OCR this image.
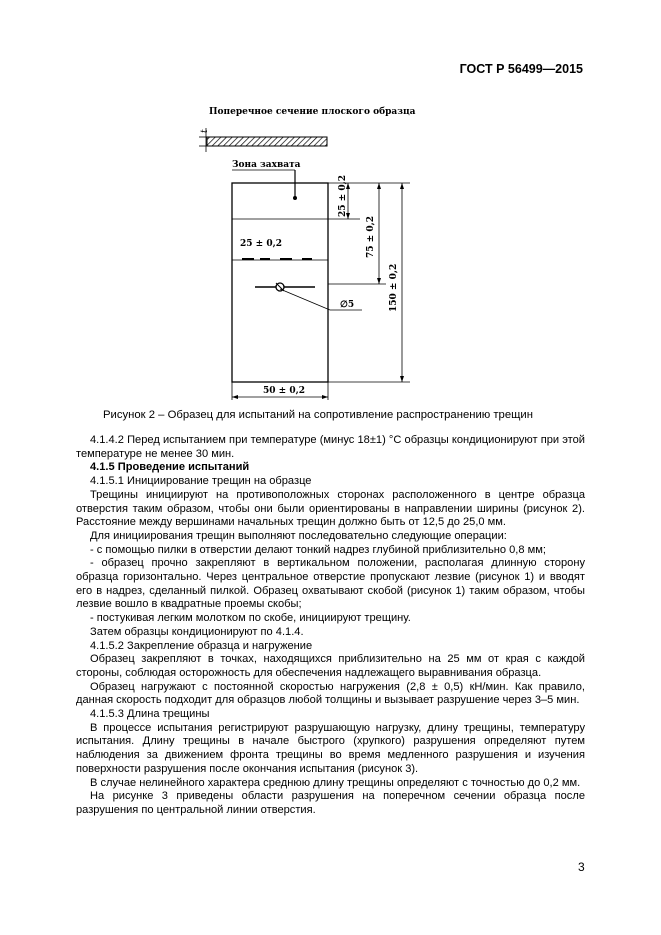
ГОСТ Р 56499—2015
Поперечное сечение плоского образца
t
Зона захвата
25 ± 0,2
∅5
25 ± 0,2
75 ± 0,2
150 ± 0,2
50 ± 0,2
Рисунок 2 – Образец для испытаний на сопротивление распространению трещин

4.1.4.2 Перед испытанием при температуре (минус 18±1) °С образцы кондиционируют при этой температуре не менее 30 мин.

4.1.5 Проведение испытаний

4.1.5.1 Инициирование трещин на образце

Трещины инициируют на противоположных сторонах расположенного в центре образца отверстия таким образом, чтобы они были ориентированы в направлении ширины (рисунок 2). Расстояние между вершинами начальных трещин должно быть от 12,5 до 25,0 мм.

Для инициирования трещин выполняют последовательно следующие операции:

- с помощью пилки в отверстии делают тонкий надрез глубиной приблизительно 0,8 мм;

- образец прочно закрепляют в вертикальном положении, располагая длинную сторону образца горизонтально. Через центральное отверстие пропускают лезвие (рисунок 1) и вводят его в надрез, сделанный пилкой. Образец охватывают скобой (рисунок 1) таким образом, чтобы лезвие вошло в квадратные проемы скобы;

- постукивая легким молотком по скобе, инициируют трещину.

Затем образцы кондиционируют по 4.1.4.

4.1.5.2 Закрепление образца и нагружение

Образец закрепляют в точках, находящихся приблизительно на 25 мм от края с каждой стороны, соблюдая осторожность для обеспечения надлежащего выравнивания образца.

Образец нагружают с постоянной скоростью нагружения (2,8 ± 0,5) кН/мин. Как правило, данная скорость подходит для образцов любой толщины и вызывает разрушение через 3–5 мин.

4.1.5.3 Длина трещины

В процессе испытания регистрируют разрушающую нагрузку, длину трещины, температуру испытания. Длину трещины в начале быстрого (хрупкого) разрушения определяют путем наблюдения за движением фронта трещины во время медленного разрушения и изучения поверхности разрушения после окончания испытания (рисунок 3).

В случае нелинейного характера среднюю длину трещины определяют с точностью до 0,2 мм.

На рисунке 3 приведены области разрушения на поперечном сечении образца после разрушения по центральной линии отверстия.

3
